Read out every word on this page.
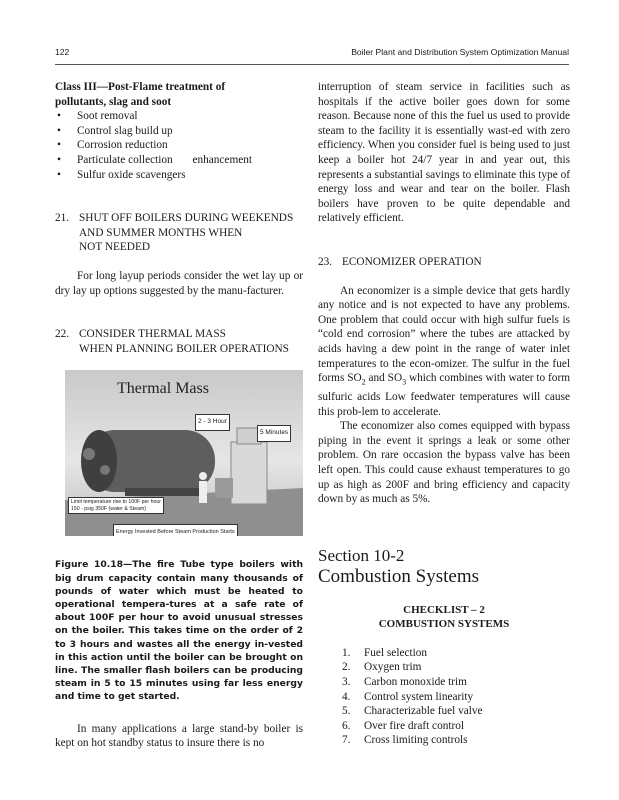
122	Boiler Plant and Distribution System Optimization Manual
Class III—Post-Flame treatment of
pollutants, slag and soot
• Soot removal
• Control slag build up
• Corrosion reduction
• Particulate collection       enhancement
• Sulfur oxide scavengers
21. SHUT OFF BOILERS DURING WEEKENDS
AND SUMMER MONTHS WHEN
NOT NEEDED

For long layup periods consider the wet lay up or dry lay up options suggested by the manu-facturer.

22. CONSIDER THERMAL MASS
WHEN PLANNING BOILER OPERATIONS
Thermal Mass
2 - 3 Hour
5 Minutes
Limit temperature rise to 100F per hour
150 - psig 350F (water & Steam)
Energy Invested Before Steam Production Starts

Figure 10.18—The fire Tube type boilers with big drum capacity contain many thousands of pounds of water which must be heated to operational tempera-tures at a safe rate of about 100F per hour to avoid unusual stresses on the boiler. This takes time on the order of 2 to 3 hours and wastes all the energy in-vested in this action until the boiler can be brought on line. The smaller flash boilers can be producing steam in 5 to 15 minutes using far less energy and time to get started.

In many applications a large stand-by boiler is kept on hot standby status to insure there is no

interruption of steam service in facilities such as hospitals if the active boiler goes down for some reason. Because none of this the fuel us used to provide steam to the facility it is essentially wast-ed with zero efficiency. When you consider fuel is being used to just keep a boiler hot 24/7 year in and year out, this represents a substantial savings to eliminate this type of energy loss and wear and tear on the boiler. Flash boilers have proven to be quite dependable and relatively efficient.

23. ECONOMIZER OPERATION

An economizer is a simple device that gets hardly any notice and is not expected to have any problems. One problem that could occur with high sulfur fuels is “cold end corrosion” where the tubes are attacked by acids having a dew point in the range of water inlet temperatures to the econ-omizer. The sulfur in the fuel forms $SO_2$ and $SO_3$ which combines with water to form sulfuric acids Low feedwater temperatures will cause this prob-lem to accelerate.

The economizer also comes equipped with bypass piping in the event it springs a leak or some other problem. On rare occasion the bypass valve has been left open. This could cause exhaust temperatures to go up as high as 200F and bring efficiency and capacity down by as much as 5%.

Section 10-2
Combustion Systems
CHECKLIST – 2
COMBUSTION SYSTEMS
1.	Fuel selection
2.	Oxygen trim
3.	Carbon monoxide trim
4.	Control system linearity
5.	Characterizable fuel valve
6.	Over fire draft control
7.	Cross limiting controls
